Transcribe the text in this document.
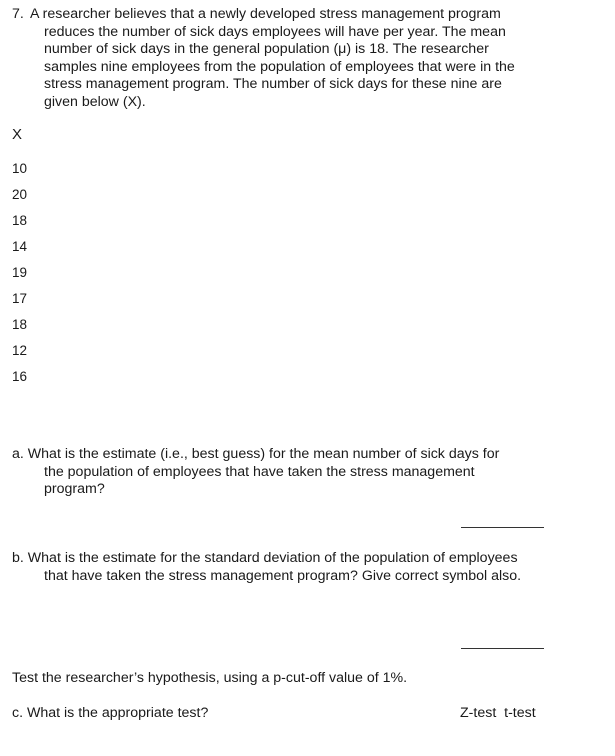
7. A researcher believes that a newly developed stress management program
reduces the number of sick days employees will have per year. The mean
number of sick days in the general population (μ) is 18. The researcher
samples nine employees from the population of employees that were in the
stress management program. The number of sick days for these nine are
given below (X).
X
10
20
18
14
19
17
18
12
16
a. What is the estimate (i.e., best guess) for the mean number of sick days for
the population of employees that have taken the stress management
program?
b. What is the estimate for the standard deviation of the population of employees
that have taken the stress management program? Give correct symbol also.
Test the researcher’s hypothesis, using a p-cut-off value of 1%.
c. What is the appropriate test?	Z-test  t-test
